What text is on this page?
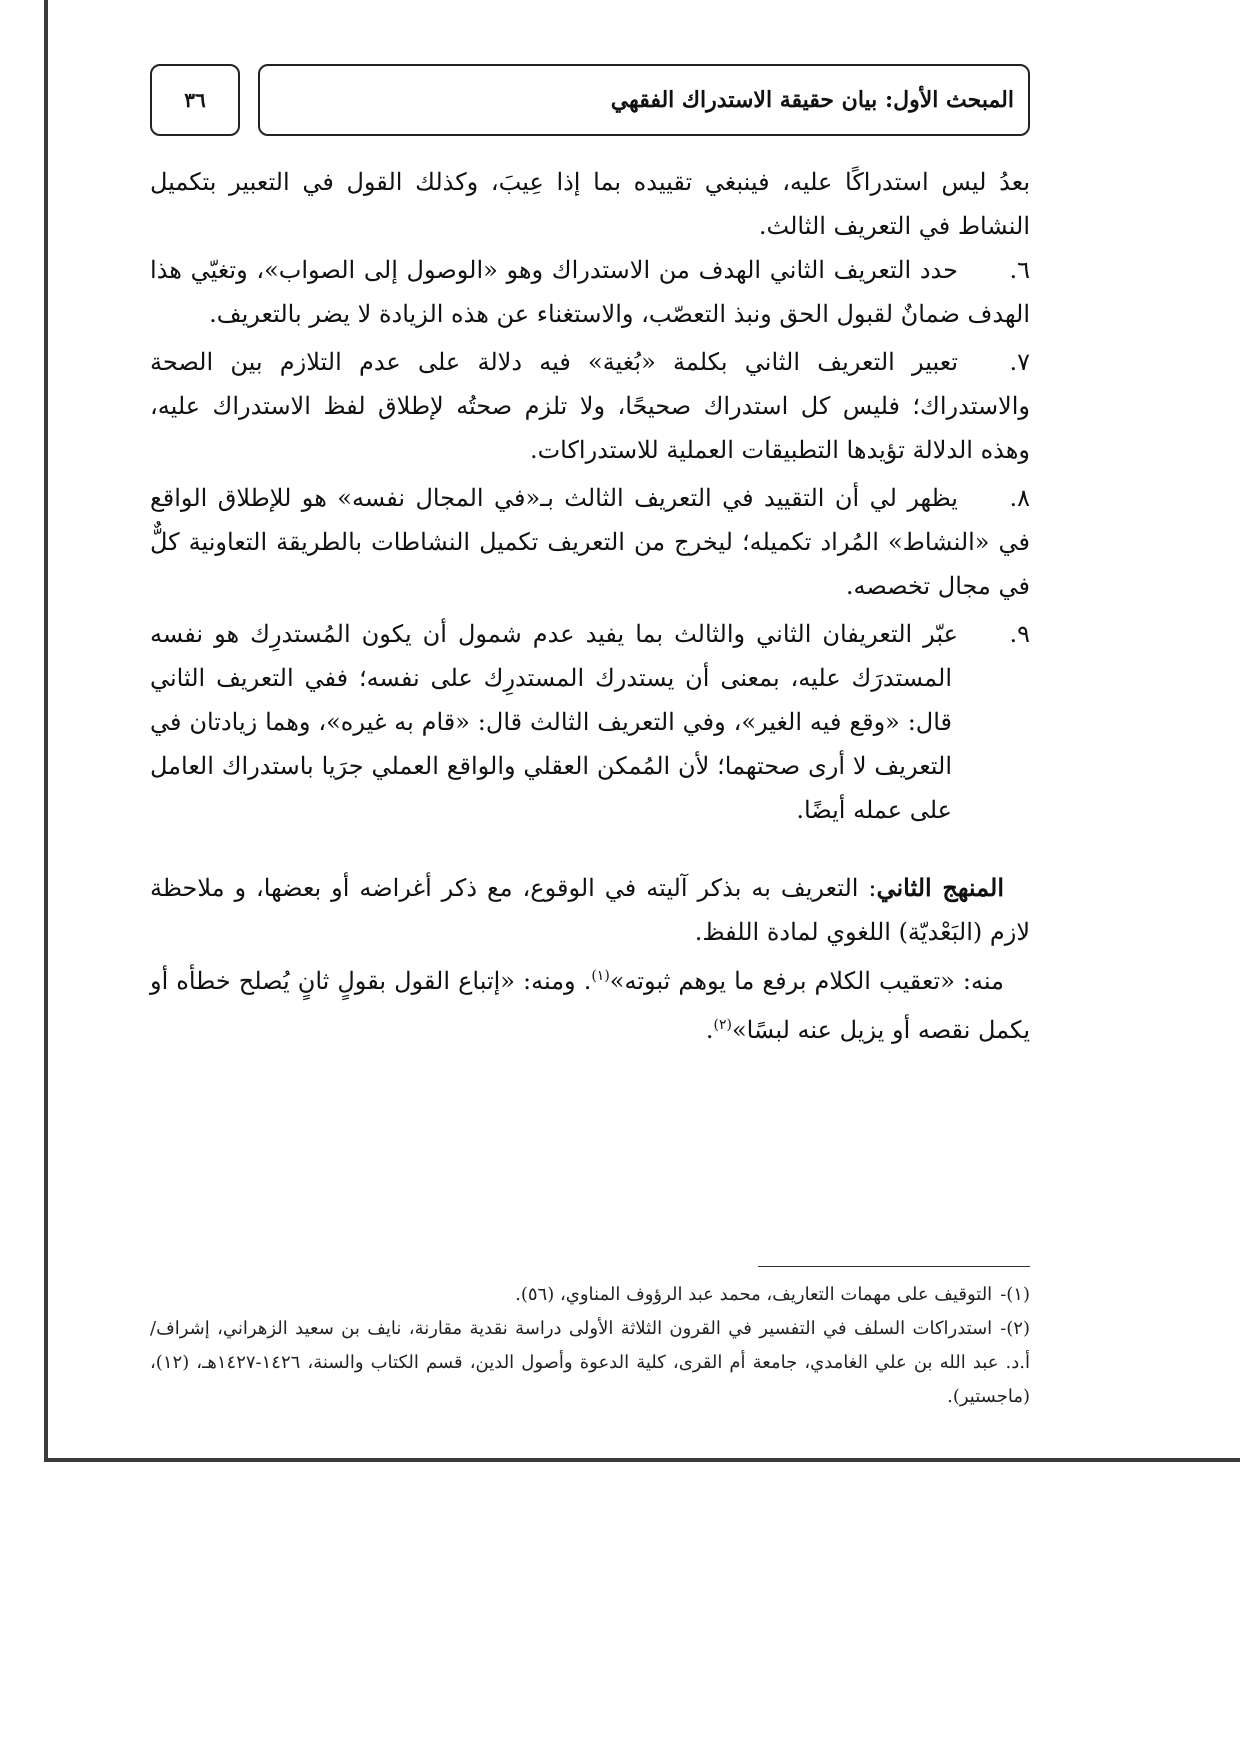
٣٦	المبحث الأول: بيان حقيقة الاستدراك الفقهي

بعدُ ليس استدراكًا عليه، فينبغي تقييده بما إذا عِيبَ، وكذلك القول في التعبير بتكميل النشاط في التعريف الثالث.

٦.حدد التعريف الثاني الهدف من الاستدراك وهو «الوصول إلى الصواب»، وتغيّي هذا الهدف ضمانٌ لقبول الحق ونبذ التعصّب، والاستغناء عن هذه الزيادة لا يضر بالتعريف.

٧.تعبير التعريف الثاني بكلمة «بُغية» فيه دلالة على عدم التلازم بين الصحة والاستدراك؛ فليس كل استدراك صحيحًا، ولا تلزم صحتُه لإطلاق لفظ الاستدراك عليه، وهذه الدلالة تؤيدها التطبيقات العملية للاستدراكات.

٨.يظهر لي أن التقييد في التعريف الثالث بـ«في المجال نفسه» هو للإطلاق الواقع في «النشاط» المُراد تكميله؛ ليخرج من التعريف تكميل النشاطات بالطريقة التعاونية كلٌّ في مجال تخصصه.

٩.عبّر التعريفان الثاني والثالث بما يفيد عدم شمول أن يكون المُستدرِك هو نفسه المستدرَك عليه، بمعنى أن يستدرك المستدرِك على نفسه؛ ففي التعريف الثاني قال: «وقع فيه الغير»، وفي التعريف الثالث قال: «قام به غيره»، وهما زيادتان في التعريف لا أرى صحتهما؛ لأن المُمكن العقلي والواقع العملي جرَيا باستدراك العامل على عمله أيضًا.

المنهج الثاني: التعريف به بذكر آليته في الوقوع، مع ذكر أغراضه أو بعضها، و ملاحظة لازم (البَعْديّة) اللغوي لمادة اللفظ.

منه: «تعقيب الكلام برفع ما يوهم ثبوته»$^{(١)}$. ومنه: «إتباع القول بقولٍ ثانٍ يُصلح خطأه أو يكمل نقصه أو يزيل عنه لبسًا»$^{(٢)}$.

(١)-التوقيف على مهمات التعاريف، محمد عبد الرؤوف المناوي، (٥٦).

(٢)-استدراكات السلف في التفسير في القرون الثلاثة الأولى دراسة نقدية مقارنة، نايف بن سعيد الزهراني، إشراف/ أ.د. عبد الله بن علي الغامدي، جامعة أم القرى، كلية الدعوة وأصول الدين، قسم الكتاب والسنة، ١٤٢٦-١٤٢٧هـ، (١٢)، (ماجستير).
